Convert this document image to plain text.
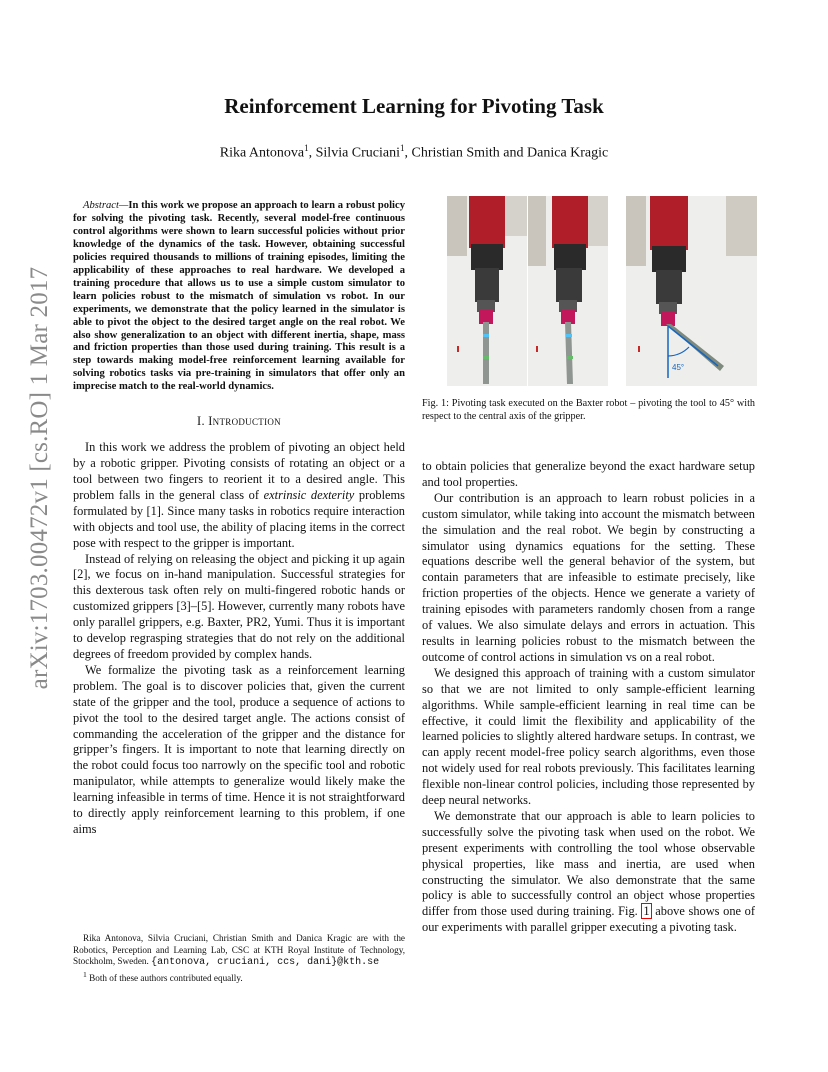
arXiv:1703.00472v1 [cs.RO] 1 Mar 2017
Reinforcement Learning for Pivoting Task

Rika Antonova$^1$, Silvia Cruciani$^1$, Christian Smith and Danica Kragic

Abstract—In this work we propose an approach to learn a robust policy for solving the pivoting task. Recently, several model-free continuous control algorithms were shown to learn successful policies without prior knowledge of the dynamics of the task. However, obtaining successful policies required thousands to millions of training episodes, limiting the applicability of these approaches to real hardware. We developed a training procedure that allows us to use a simple custom simulator to learn policies robust to the mismatch of simulation vs robot. In our experiments, we demonstrate that the policy learned in the simulator is able to pivot the object to the desired target angle on the real robot. We also show generalization to an object with different inertia, shape, mass and friction properties than those used during training. This result is a step towards making model-free reinforcement learning available for solving robotics tasks via pre-training in simulators that offer only an imprecise match to the real-world dynamics.

I. Introduction

In this work we address the problem of pivoting an object held by a robotic gripper. Pivoting consists of rotating an object or a tool between two fingers to reorient it to a desired angle. This problem falls in the general class of extrinsic dexterity problems formulated by [1]. Since many tasks in robotics require interaction with objects and tool use, the ability of placing items in the correct pose with respect to the gripper is important.

Instead of relying on releasing the object and picking it up again [2], we focus on in-hand manipulation. Successful strategies for this dexterous task often rely on multi-fingered robotic hands or customized grippers [3]–[5]. However, currently many robots have only parallel grippers, e.g. Baxter, PR2, Yumi. Thus it is important to develop regrasping strategies that do not rely on the additional degrees of freedom provided by complex hands.

We formalize the pivoting task as a reinforcement learning problem. The goal is to discover policies that, given the current state of the gripper and the tool, produce a sequence of actions to pivot the tool to the desired target angle. The actions consist of commanding the acceleration of the gripper and the distance for gripper’s fingers. It is important to note that learning directly on the robot could focus too narrowly on the specific tool and robotic manipulator, while attempts to generalize would likely make the learning infeasible in terms of time. Hence it is not straightforward to directly apply reinforcement learning to this problem, if one aims

Rika Antonova, Silvia Cruciani, Christian Smith and Danica Kragic are with the Robotics, Perception and Learning Lab, CSC at KTH Royal Institute of Technology, Stockholm, Sweden. {antonova, cruciani, ccs, dani}@kth.se

$^1$ Both of these authors contributed equally.

45°
Fig. 1: Pivoting task executed on the Baxter robot – pivoting the tool to 45° with respect to the central axis of the gripper.

to obtain policies that generalize beyond the exact hardware setup and tool properties.

Our contribution is an approach to learn robust policies in a custom simulator, while taking into account the mismatch between the simulation and the real robot. We begin by constructing a simulator using dynamics equations for the setting. These equations describe well the general behavior of the system, but contain parameters that are infeasible to estimate precisely, like friction properties of the objects. Hence we generate a variety of training episodes with parameters randomly chosen from a range of values. We also simulate delays and errors in actuation. This results in learning policies robust to the mismatch between the outcome of control actions in simulation vs on a real robot.

We designed this approach of training with a custom simulator so that we are not limited to only sample-efficient learning algorithms. While sample-efficient learning in real time can be effective, it could limit the flexibility and applicability of the learned policies to slightly altered hardware setups. In contrast, we can apply recent model-free policy search algorithms, even those not widely used for real robots previously. This facilitates learning flexible non-linear control policies, including those represented by deep neural networks.

We demonstrate that our approach is able to learn policies to successfully solve the pivoting task when used on the robot. We present experiments with controlling the tool whose observable physical properties, like mass and inertia, are used when constructing the simulator. We also demonstrate that the same policy is able to successfully control an object whose properties differ from those used during training. Fig. 1 above shows one of our experiments with parallel gripper executing a pivoting task.
